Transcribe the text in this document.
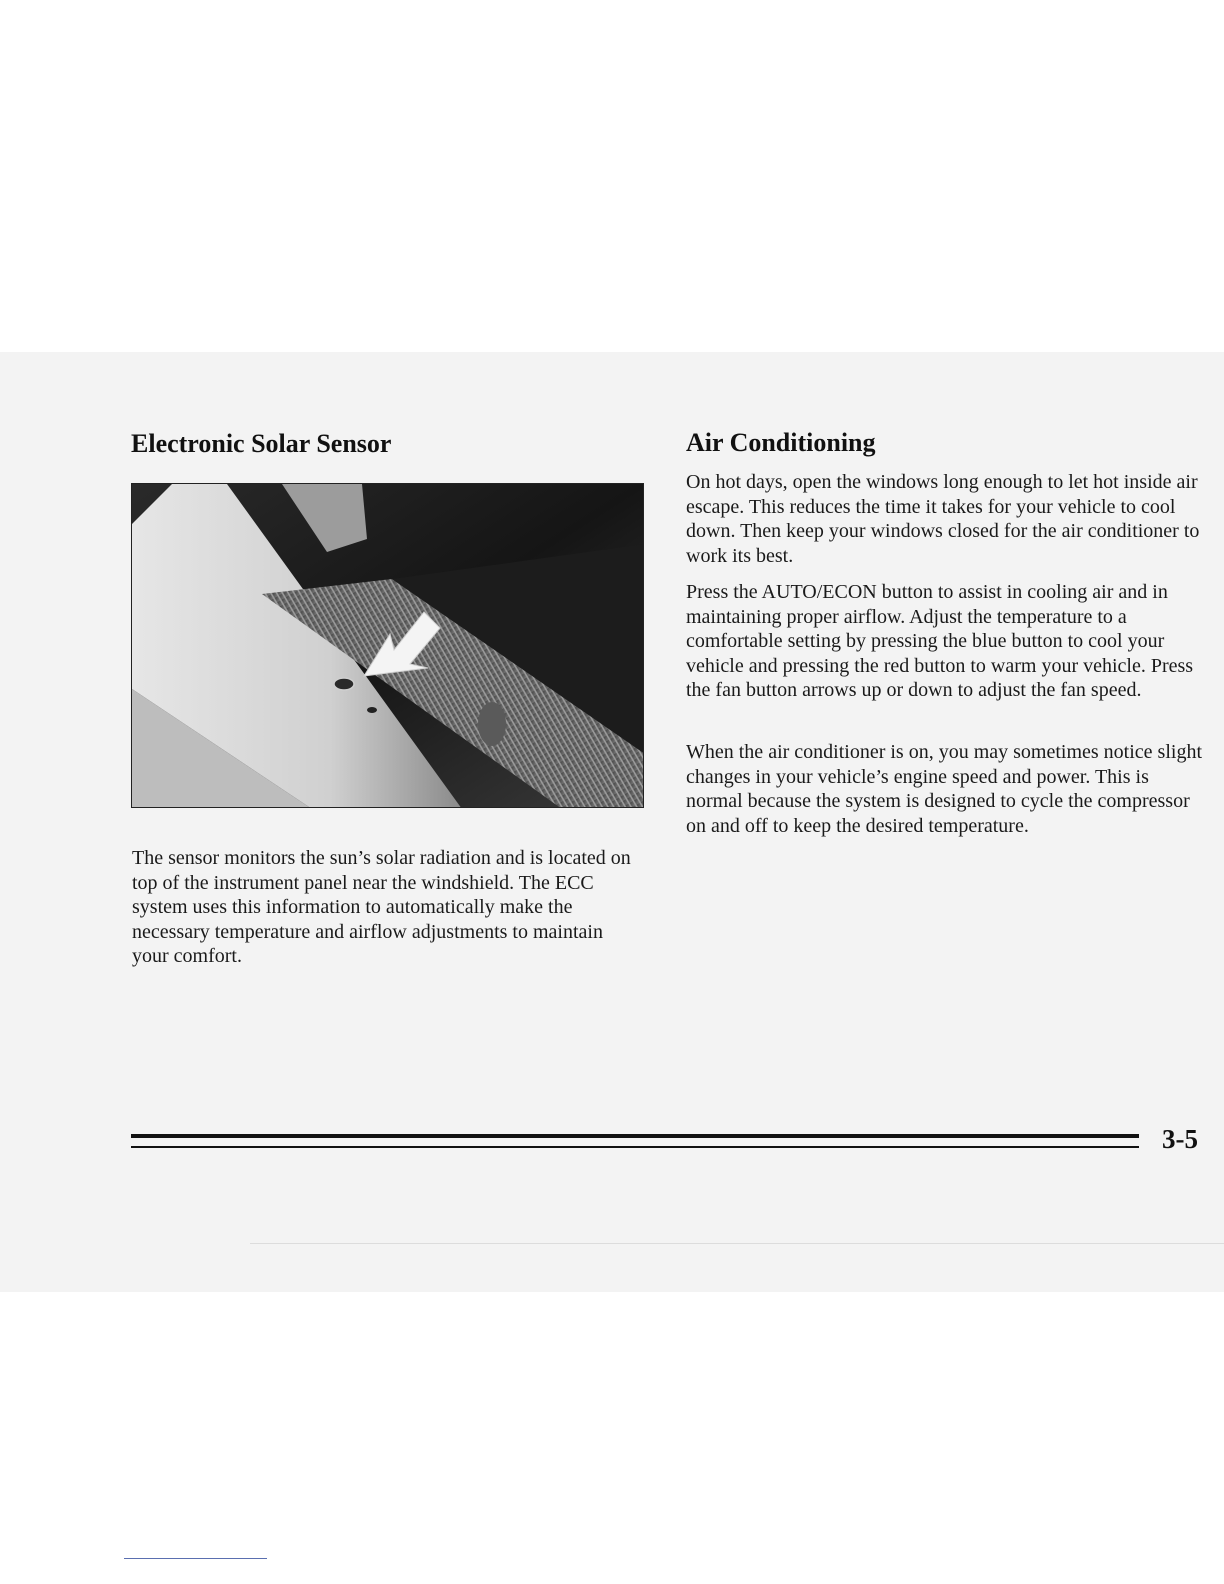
Electronic Solar Sensor

The sensor monitors the sun’s solar radiation and is located on top of the instrument panel near the windshield. The ECC system uses this information to automatically make the necessary temperature and airflow adjustments to maintain your comfort.

Air Conditioning

On hot days, open the windows long enough to let hot inside air escape. This reduces the time it takes for your vehicle to cool down. Then keep your windows closed for the air conditioner to work its best.

Press the AUTO/ECON button to assist in cooling air and in maintaining proper airflow. Adjust the temperature to a comfortable setting by pressing the blue button to cool your vehicle and pressing the red button to warm your vehicle. Press the fan button arrows up or down to adjust the fan speed.

When the air conditioner is on, you may sometimes notice slight changes in your vehicle’s engine speed and power. This is normal because the system is designed to cycle the compressor on and off to keep the desired temperature.

3-5
